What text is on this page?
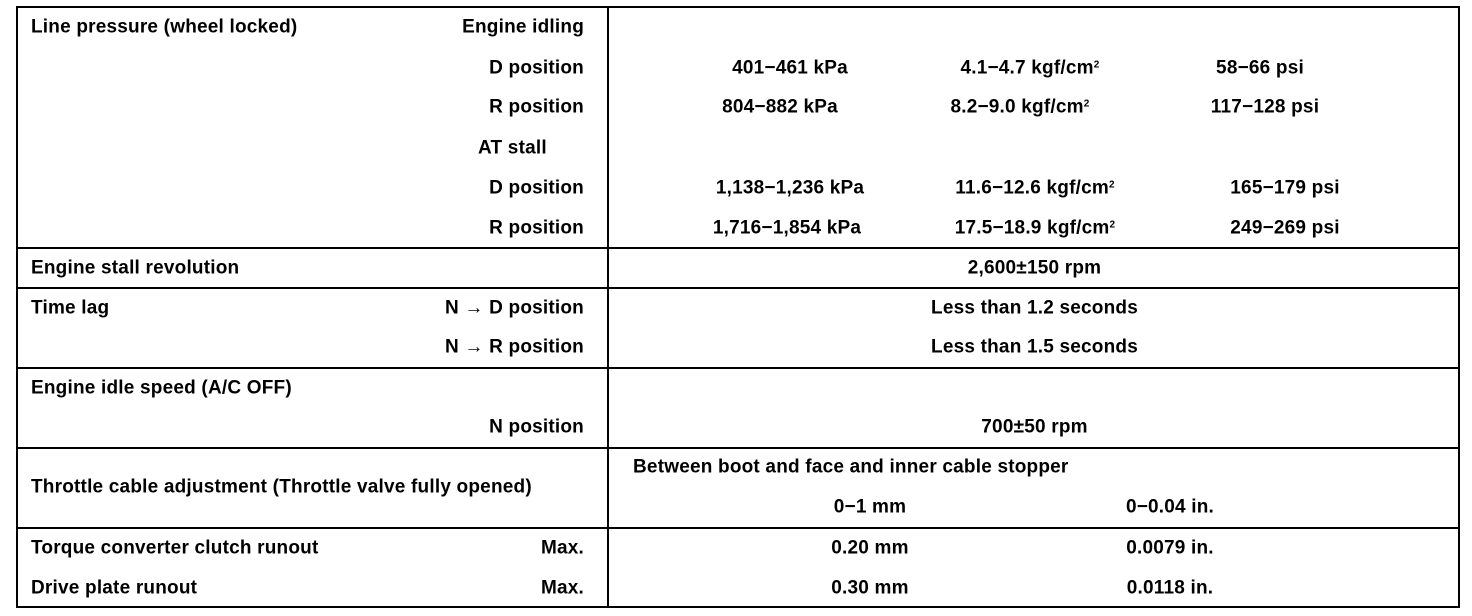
Line pressure (wheel locked)	Engine idling
D position	401−461 kPa	4.1−4.7 kgf/$cm^2$	58−66 psi
R position	804−882 kPa	8.2−9.0 kgf/$cm^2$	117−128 psi
AT stall
D position	1,138−1,236 kPa	11.6−12.6 kgf/$cm^2$	165−179 psi
R position	1,716−1,854 kPa	17.5−18.9 kgf/$cm^2$	249−269 psi
Engine stall revolution	2,600±150 rpm
Time lag	N → D position	Less than 1.2 seconds
N → R position	Less than 1.5 seconds
Engine idle speed (A/C OFF)
N position	700±50 rpm
Throttle cable adjustment (Throttle valve fully opened)
Between boot and face and inner cable stopper
0−1 mm	0−0.04 in.
Torque converter clutch runout	Max.	0.20 mm	0.0079 in.
Drive plate runout	Max.	0.30 mm	0.0118 in.
